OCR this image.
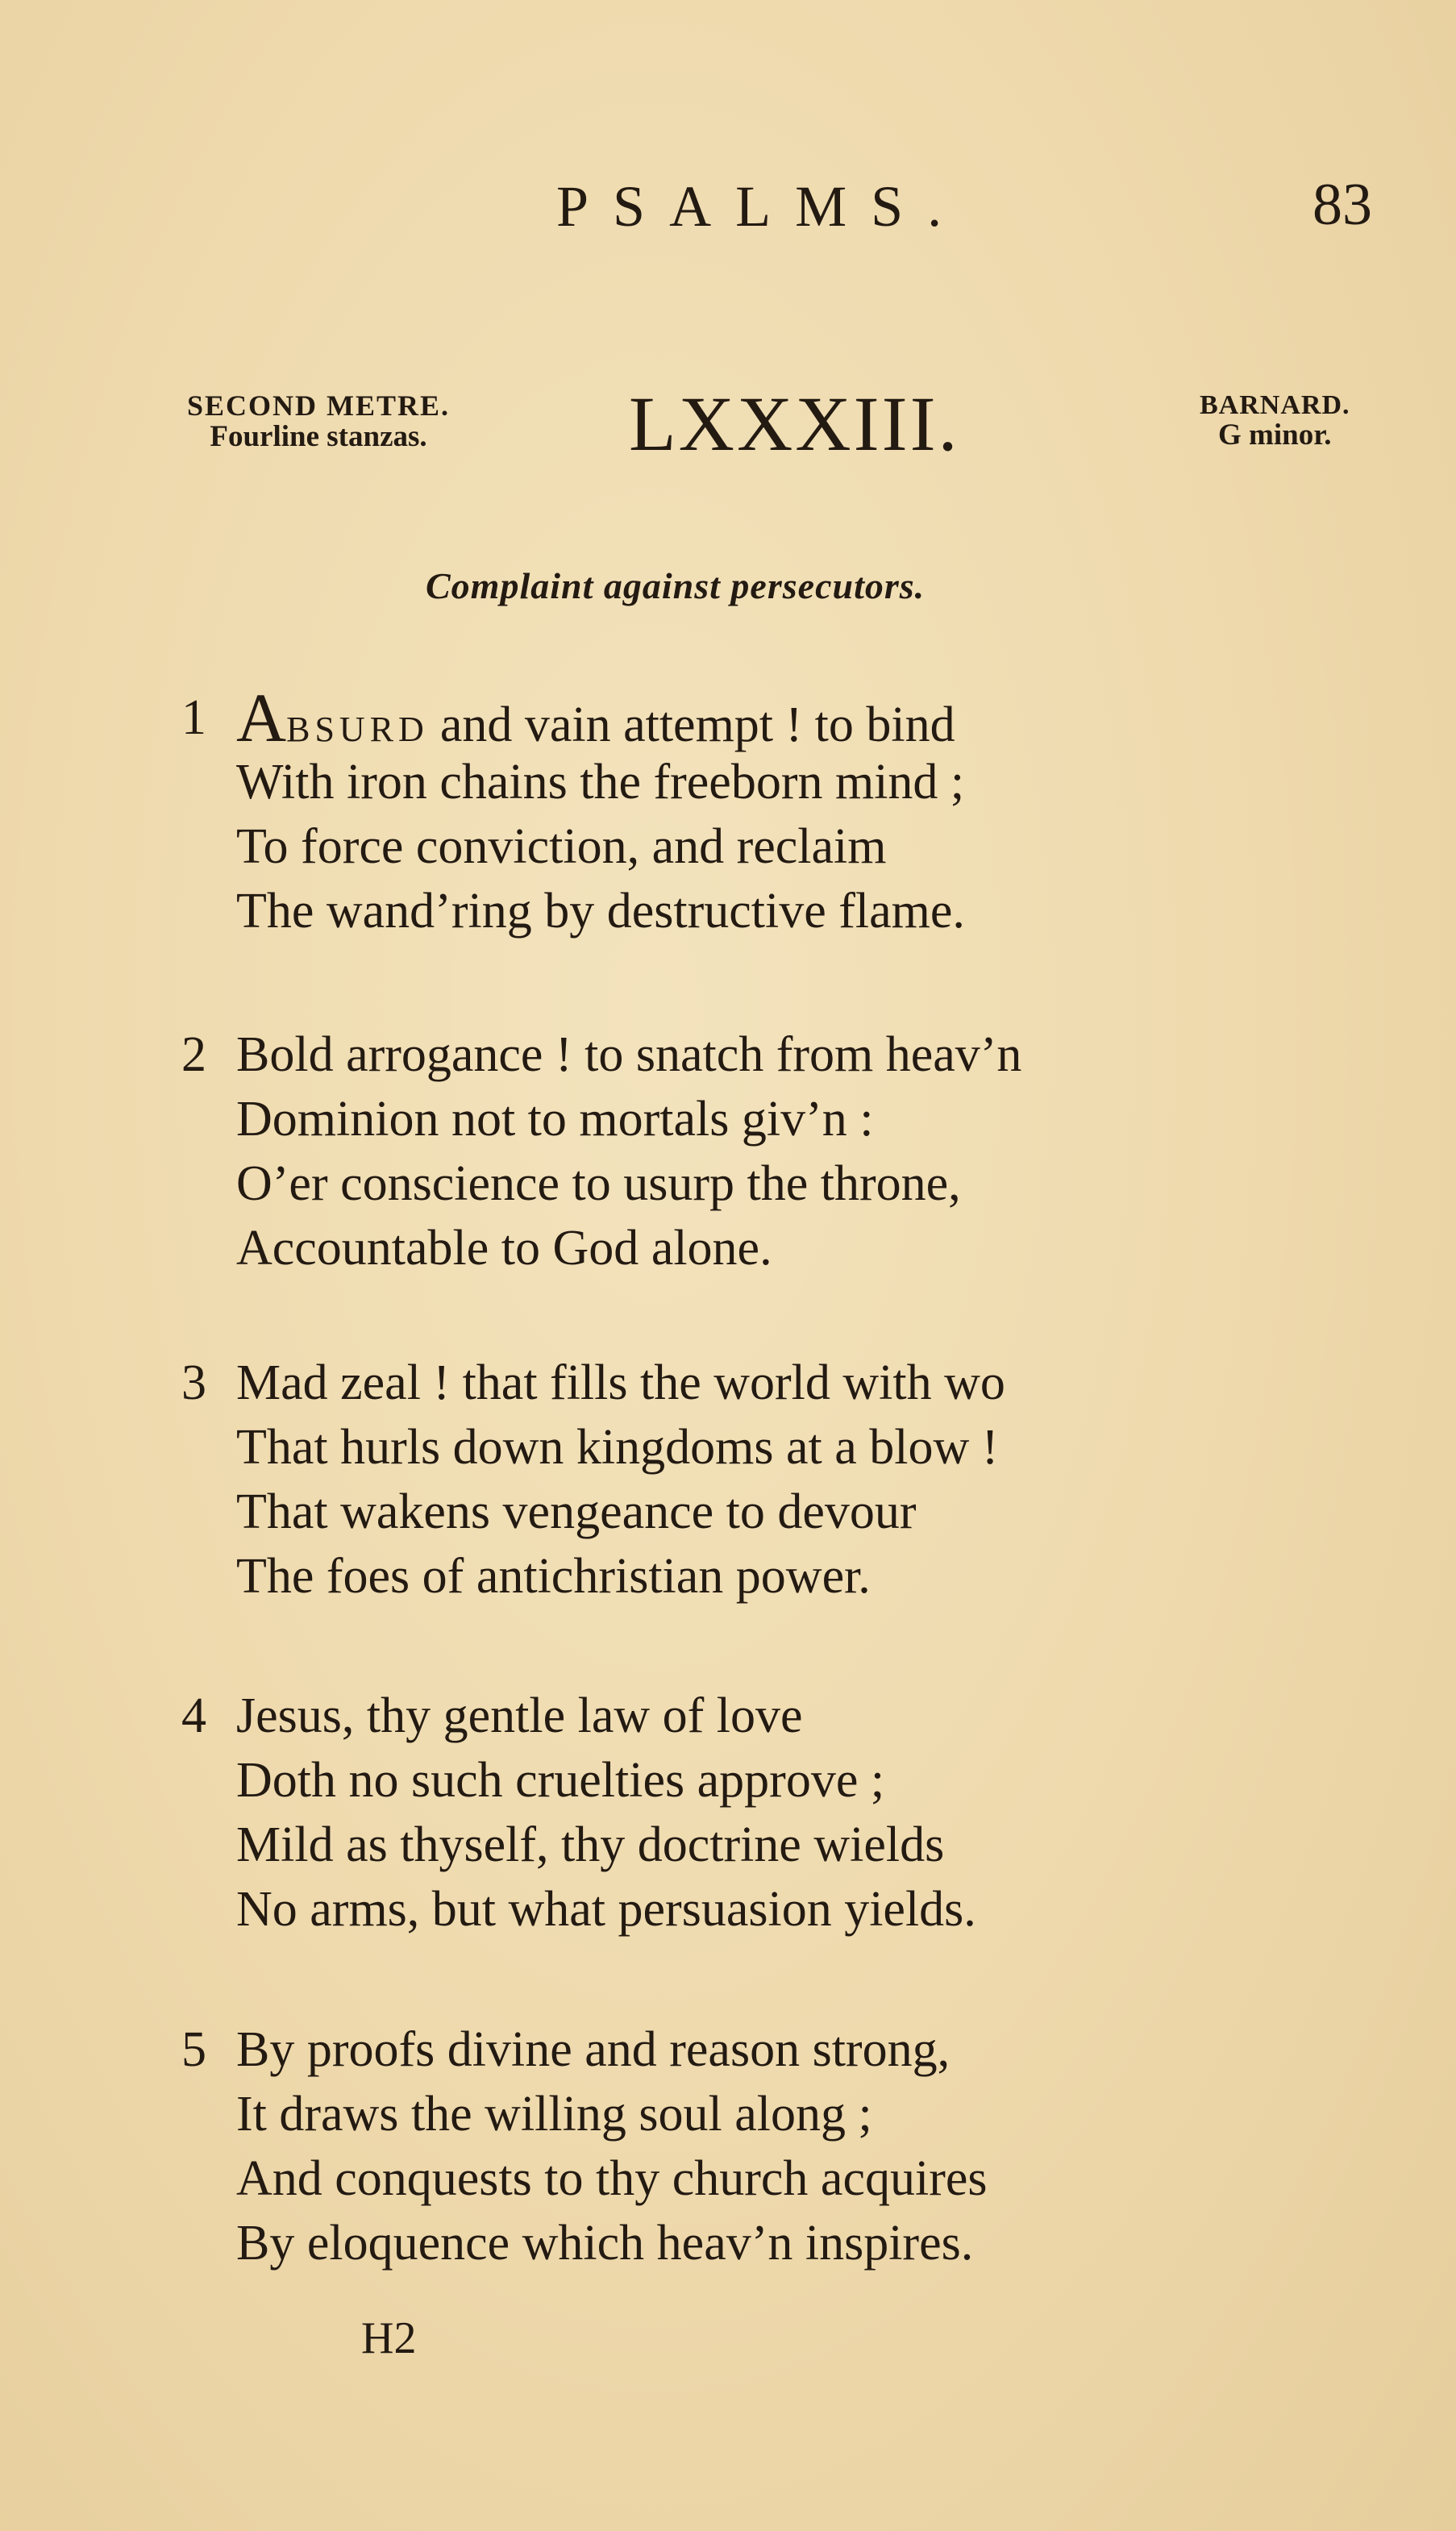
PSALMS.	83
SECOND METRE.
Fourline stanzas.	LXXXIII.	BARNARD.
G minor.
Complaint against persecutors.
1 ABSURD and vain attempt ! to bind
With iron chains the freeborn mind ;
To force conviction, and reclaim
The wand’ring by destructive flame.
2 Bold arrogance ! to snatch from heav’n
Dominion not to mortals giv’n :
O’er conscience to usurp the throne,
Accountable to God alone.
3 Mad zeal ! that fills the world with wo
That hurls down kingdoms at a blow !
That wakens vengeance to devour
The foes of antichristian power.
4 Jesus, thy gentle law of love
Doth no such cruelties approve ;
Mild as thyself, thy doctrine wields
No arms, but what persuasion yields.
5 By proofs divine and reason strong,
It draws the willing soul along ;
And conquests to thy church acquires
By eloquence which heav’n inspires.
H2
